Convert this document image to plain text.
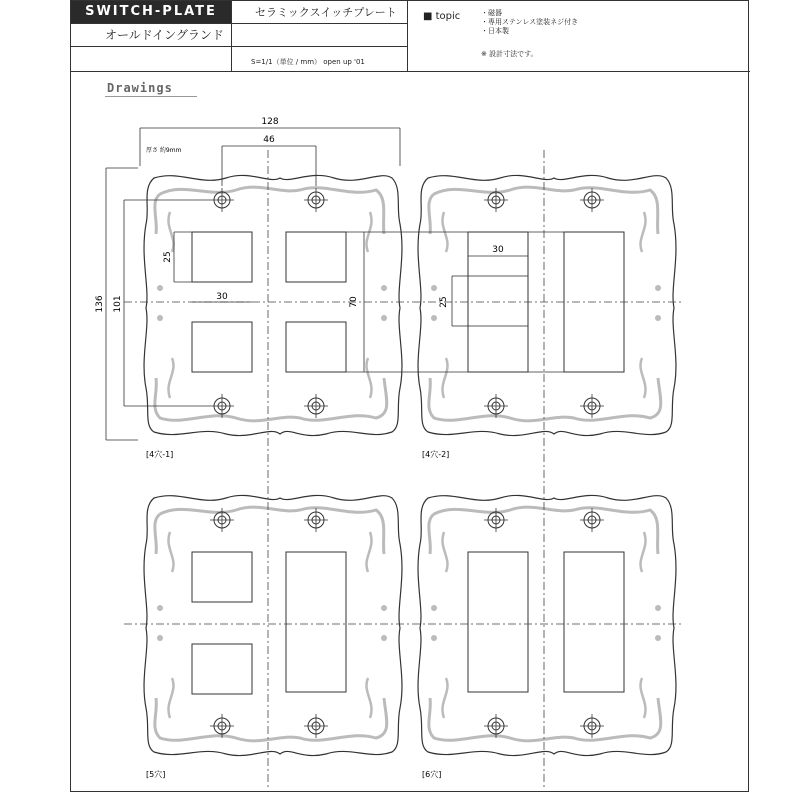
SWITCH-PLATE	セラミックスイッチプレート
オールドイングランド
S=1/1（単位 / mm） open up '01
■ topic	・磁器
・専用ステンレス塗装ネジ付き
・日本製
※ 設計寸法です。
Drawings
128
46
厚さ 約9mm
136 101
25
30	70
30
25
[4穴-1]	[4穴-2]
[5穴]	[6穴]
